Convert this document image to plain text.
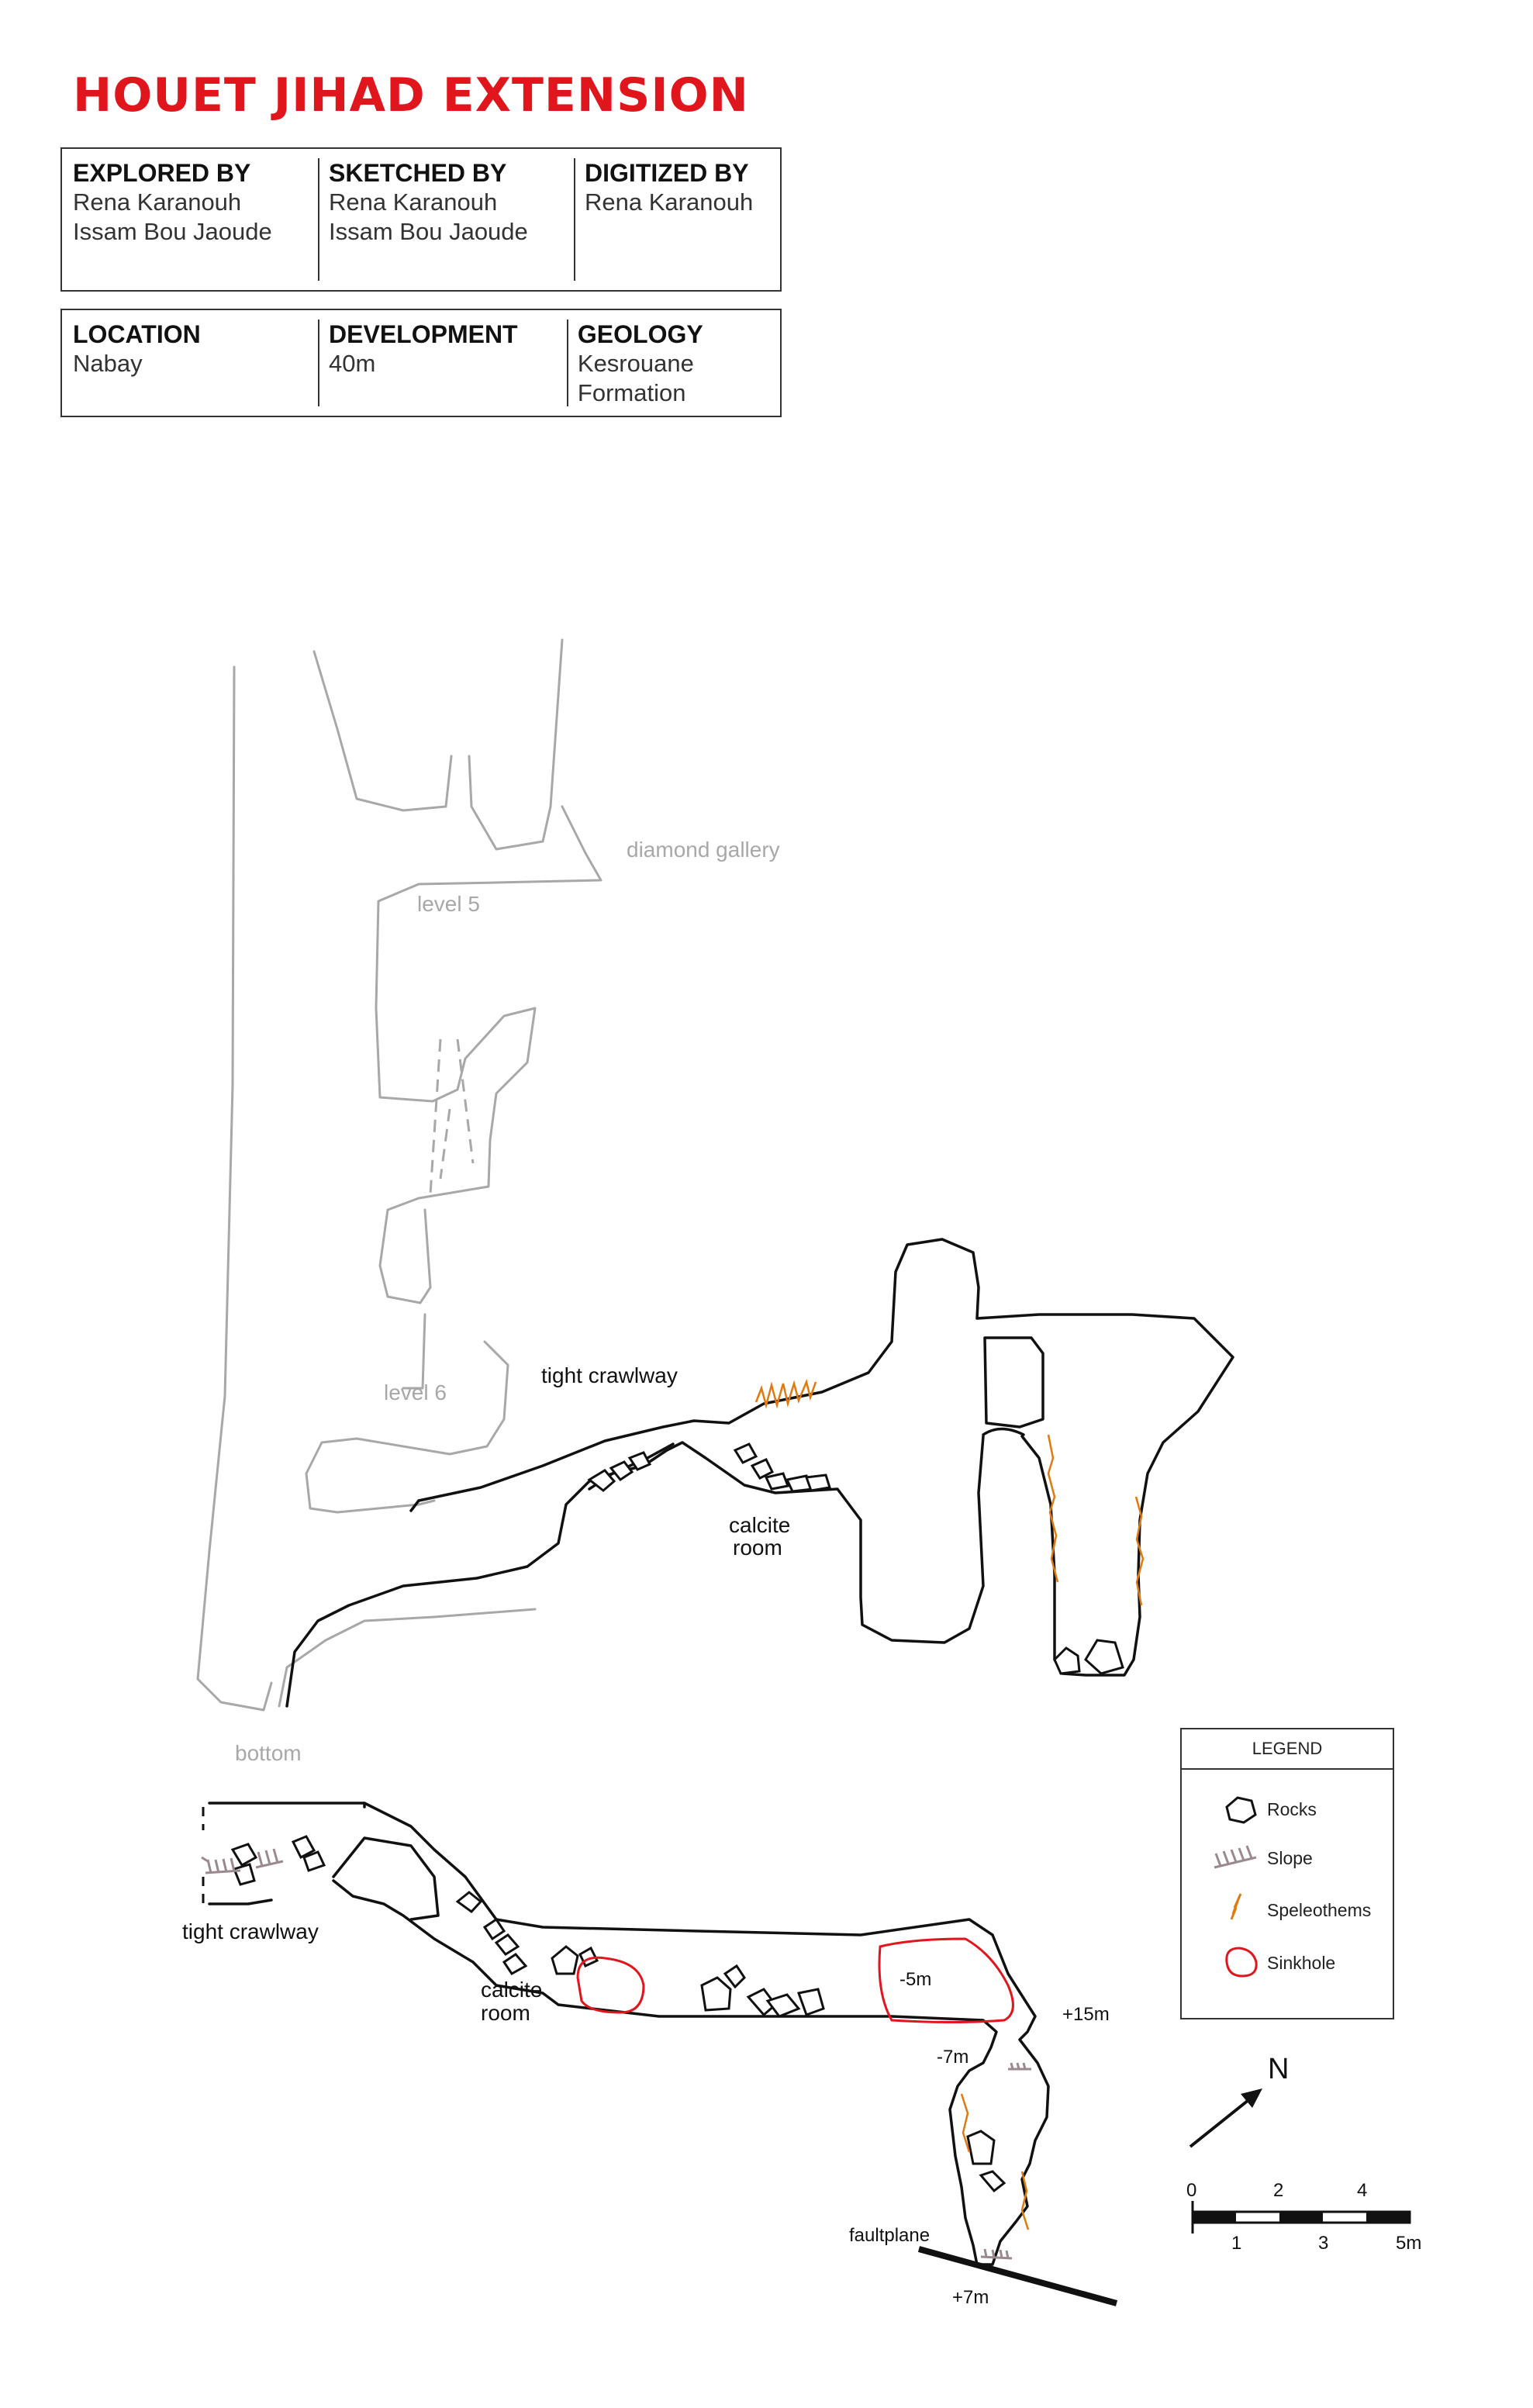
HOUET JIHAD EXTENSION
EXPLORED BY
Rena Karanouh
Issam Bou Jaoude
SKETCHED BY
Rena Karanouh
Issam Bou Jaoude
DIGITIZED BY
Rena Karanouh
LOCATION
Nabay
DEVELOPMENT
40m
GEOLOGY
Kesrouane
Formation
diamond gallery
level 5
level 6
bottom
tight crawlway
calcite
room
tight crawlway
calcite
room
-5m
+15m
-7m
faultplane
+7m
N
0	2	4
1	3	5m
LEGEND
Rocks
Slope
Speleothems
Sinkhole
